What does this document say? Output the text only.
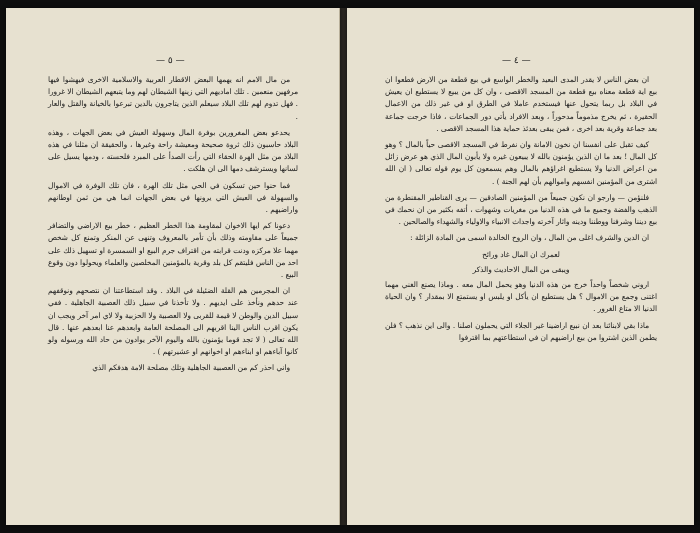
— ٥ —

من مال الامم انه يهمها البعض الاقطار العربية والاسلامية الاخرى فيهشوا فيها مرفهين منعمين . تلك اماديهم التي زينها الشيطان لهم وما يتبعهم الشيطان الا غرورا . فهل تدوم لهم تلك البلاد سيعلم الذين يتاجرون بالدين تبرعوا بالخيانة والقتل والعار .

يحدعو بعض المغرورين بوفرة المال وسهولة العيش في بعض الجهات ، وهذه البلاد حاسبون ذلك ثروة صحيحة ومعيشة راحة وغيرها ، والحقيقة ان مثلنا في هذه البلاد من مثل الهرة الحقاء التي رأت الصدأ على المبرد فلحسته ، ودمها يسيل على لسانها ويسترشف دمها الى ان هلكت .

فما حنوا حين تسكون في الحي مثل تلك الهرة ، فان تلك الوفرة في الاموال والسهولة في العيش التي يرونها في بعض الجهات انما هي من ثمن اوطانهم واراضيهم .

دعونا كم ايها الاخوان لمقاومة هذا الخطر العظيم ، خطر بيع الاراضي والتضافر جميعاً على مقاومته وذلك بأن تأمر بالمعروف وتنهى عن المنكر وتمنع كل شخص مهما علا مركزه ودنت قرابته من اقتراف جرم البيع او السمسرة او تسهيل ذلك على احد من الناس فليتقم كل بلد وقرية بالمؤمنين المخلصين والعلماء ويحولوا دون وقوع البيع .

ان المجرمين هم القلة الضئيلة في البلاد . وقد استطاعتنا ان نتصحهم ونوقفهم عند حدهم ونأخذ على ايديهم . ولا تأخذنا في سبيل ذلك العصبية الجاهلية . ففي سبيل الدين والوطن لا قيمة للقربى ولا العصبية ولا الحزبية ولا لاي امر آخر ويجب ان يكون اقرب الناس الينا اقربهم الى المصلحة العامة وابعدهم عنا ابعدهم عنها . قال الله تعالى ( لا تجد قوما يؤمنون بالله واليوم الآخر يوادون من حاد الله ورسوله ولو كانوا آباءهم او ابناءهم او اخوانهم او عشيرتهم ) .

واني احذر كم من العصبية الجاهلية وتلك مصلحة الامة هدفكم الذي

— ٤ —

ان بعض الناس لا يقدر المدى البعيد والخطر الواسع في بيع قطعة من الارض فطعوا ان بيع اية قطعة معناه بيع قطعة من المسجد الاقصى ، وان كل من يبيع لا يستطيع ان يعيش في البلاد بل ربما يتحول عنها فيستخدم عاملا في الطرق او في غير ذلك من الاعمال الحقيرة ، ثم يخرج مذموماً مدحوراً ، وبعد الافراد يأتي دور الجماعات ، فاذا خرجت جماعة بعد جماعة وقرية بعد اخرى ، فمن يبقى بعدئذ حماية هذا المسجد الاقصى .

كيف تقبل على انفسنا ان نخون الامانة وان نفرط في المسجد الاقصى حياً بالمال ؟ وهو كل المال ! بعد ما ان الذين يؤمنون بالله لا يبيعون غيره ولا يأبون المال الذي هو عرض زائل من اعراض الدنيا ولا يستطيع اغراؤهم بالمال وهم يسمعون كل يوم قوله تعالى ( ان الله اشترى من المؤمنين انفسهم واموالهم بأن لهم الجنة ) .

فلنؤمن — وارجو ان نكون جميعاً من المؤمنين الصادقين — يرى القناطير المقنطرة من الذهب والفضة وجميع ما في هذه الدنيا من مغريات وشهوات ، أتفه بكثير من ان نحمك في بيع ديننا وشرفنا ووطننا ودينه واثار آخرته واجداث الانبياء والاولياء والشهداء والصالحين .

ان الدين والشرف اغلى من المال ، وان الروح الخالدة اسمى من المادة الزائلة :

لعمرك ان المال غاد ورائح

ويبقى من المال الاحاديث والذكر

اروني شخصاً واحداً خرج من هذه الدنيا وهو يحمل المال معه . وماذا يصنع الغني مهما اغتنى وجمع من الاموال ؟ هل يستطيع ان يأكل او يلبس او يستمتع الا بمقدار ؟ وان الحياة الدنيا الا متاع الغرور .

ماذا بقي لابنائنا بعد ان نبيع اراضينا غير الجلاء التي يحملون اصلنا . والى اين نذهب ؟ فلن يطمن الذين اشتروا من بيع اراضيهم ان في استطاعتهم بما اقترفوا
